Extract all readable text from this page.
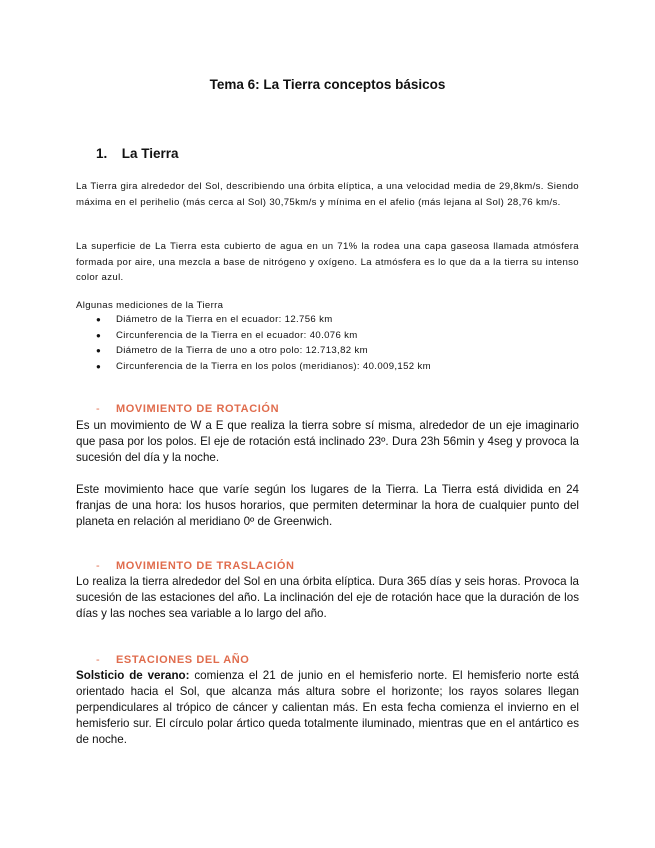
Tema 6: La Tierra conceptos básicos
1. La Tierra

La Tierra gira alrededor del Sol, describiendo una órbita elíptica, a una velocidad media de 29,8km/s. Siendo máxima en el perihelio (más cerca al Sol) 30,75km/s y mínima en el afelio (más lejana al Sol) 28,76 km/s.

La superficie de La Tierra esta cubierto de agua en un 71% la rodea una capa gaseosa llamada atmósfera formada por aire, una mezcla a base de nitrógeno y oxígeno. La atmósfera es lo que da a la tierra su intenso color azul.

Algunas mediciones de la Tierra

● Diámetro de la Tierra en el ecuador: 12.756 km
● Circunferencia de la Tierra en el ecuador: 40.076 km
● Diámetro de la Tierra de uno a otro polo: 12.713,82 km
● Circunferencia de la Tierra en los polos (meridianos): 40.009,152 km
- MOVIMIENTO DE ROTACIÓN

Es un movimiento de W a E que realiza la tierra sobre sí misma, alrededor de un eje imaginario que pasa por los polos. El eje de rotación está inclinado 23º. Dura 23h 56min y 4seg y provoca la sucesión del día y la noche.

Este movimiento hace que varíe según los lugares de la Tierra. La Tierra está dividida en 24 franjas de una hora: los husos horarios, que permiten determinar la hora de cualquier punto del planeta en relación al meridiano 0º de Greenwich.

- MOVIMIENTO DE TRASLACIÓN

Lo realiza la tierra alrededor del Sol en una órbita elíptica. Dura 365 días y seis horas. Provoca la sucesión de las estaciones del año. La inclinación del eje de rotación hace que la duración de los días y las noches sea variable a lo largo del año.

- ESTACIONES DEL AÑO

Solsticio de verano: comienza el 21 de junio en el hemisferio norte. El hemisferio norte está orientado hacia el Sol, que alcanza más altura sobre el horizonte; los rayos solares llegan perpendiculares al trópico de cáncer y calientan más. En esta fecha comienza el invierno en el hemisferio sur. El círculo polar ártico queda totalmente iluminado, mientras que en el antártico es de noche.
